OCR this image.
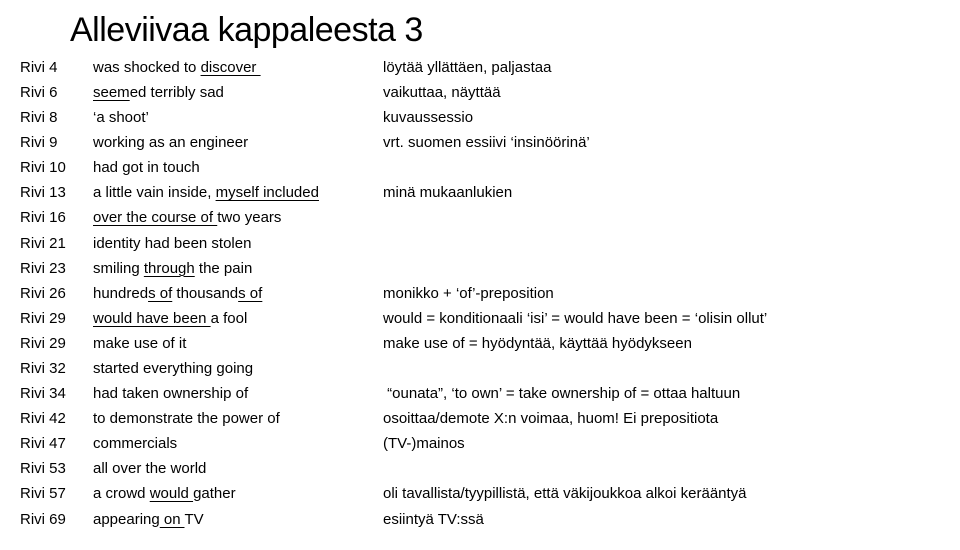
Alleviivaa kappaleesta 3
Rivi 4	was shocked to discover	löytää yllättäen, paljastaa
Rivi 6	seemed terribly sad	vaikuttaa, näyttää
Rivi 8	‘a shoot’	kuvaussessio
Rivi 9	working as an engineer	vrt. suomen essiivi ‘insinöörinä’
Rivi 10	had got in touch
Rivi 13	a little vain inside, myself included	minä mukaanlukien
Rivi 16	over the course of two years
Rivi 21	identity had been stolen
Rivi 23	smiling through the pain
Rivi 26	hundreds of thousands of	monikko + ‘of’-preposition
Rivi 29	would have been a fool	would = konditionaali ‘isi’ = would have been = ‘olisin ollut’
Rivi 29	make use of it	make use of = hyödyntää, käyttää hyödykseen
Rivi 32	started everything going
Rivi 34	had taken ownership of	“ounata”, ‘to own’ = take ownership of = ottaa haltuun
Rivi 42	to demonstrate the power of	osoittaa/demote X:n voimaa, huom! Ei prepositiota
Rivi 47	commercials	(TV-)mainos
Rivi 53	all over the world
Rivi 57	a crowd would gather	oli tavallista/tyypillistä, että väkijoukkoa alkoi kerääntyä
Rivi 69	appearing on TV	esiintyä TV:ssä
